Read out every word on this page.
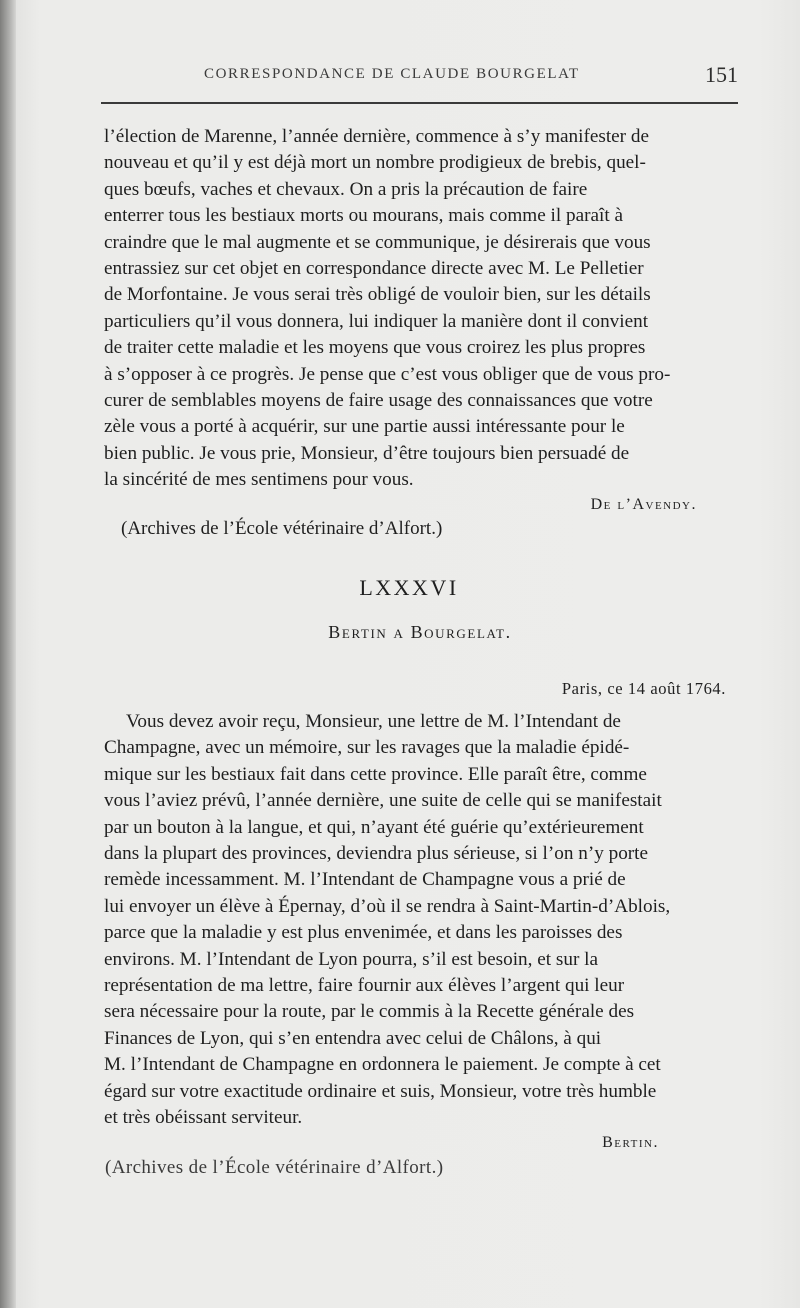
CORRESPONDANCE DE CLAUDE BOURGELAT	151

l’élection de Marenne, l’année dernière, commence à s’y manifester de

nouveau et qu’il y est déjà mort un nombre prodigieux de brebis, quel-

ques bœufs, vaches et chevaux. On a pris la précaution de faire

enterrer tous les bestiaux morts ou mourans, mais comme il paraît à

craindre que le mal augmente et se communique, je désirerais que vous

entrassiez sur cet objet en correspondance directe avec M. Le Pelletier

de Morfontaine. Je vous serai très obligé de vouloir bien, sur les détails

particuliers qu’il vous donnera, lui indiquer la manière dont il convient

de traiter cette maladie et les moyens que vous croirez les plus propres

à s’opposer à ce progrès. Je pense que c’est vous obliger que de vous pro-

curer de semblables moyens de faire usage des connaissances que votre

zèle vous a porté à acquérir, sur une partie aussi intéressante pour le

bien public. Je vous prie, Monsieur, d’être toujours bien persuadé de

la sincérité de mes sentimens pour vous.

De l’Avendy.
(Archives de l’École vétérinaire d’Alfort.)
LXXXVI
Bertin a Bourgelat.
Paris, ce 14 août 1764.

Vous devez avoir reçu, Monsieur, une lettre de M. l’Intendant de

Champagne, avec un mémoire, sur les ravages que la maladie épidé-

mique sur les bestiaux fait dans cette province. Elle paraît être, comme

vous l’aviez prévû, l’année dernière, une suite de celle qui se manifestait

par un bouton à la langue, et qui, n’ayant été guérie qu’extérieurement

dans la plupart des provinces, deviendra plus sérieuse, si l’on n’y porte

remède incessamment. M. l’Intendant de Champagne vous a prié de

lui envoyer un élève à Épernay, d’où il se rendra à Saint-Martin-d’Ablois,

parce que la maladie y est plus envenimée, et dans les paroisses des

environs. M. l’Intendant de Lyon pourra, s’il est besoin, et sur la

représentation de ma lettre, faire fournir aux élèves l’argent qui leur

sera nécessaire pour la route, par le commis à la Recette générale des

Finances de Lyon, qui s’en entendra avec celui de Châlons, à qui

M. l’Intendant de Champagne en ordonnera le paiement. Je compte à cet

égard sur votre exactitude ordinaire et suis, Monsieur, votre très humble

et très obéissant serviteur.

Bertin.
(Archives de l’École vétérinaire d’Alfort.)
